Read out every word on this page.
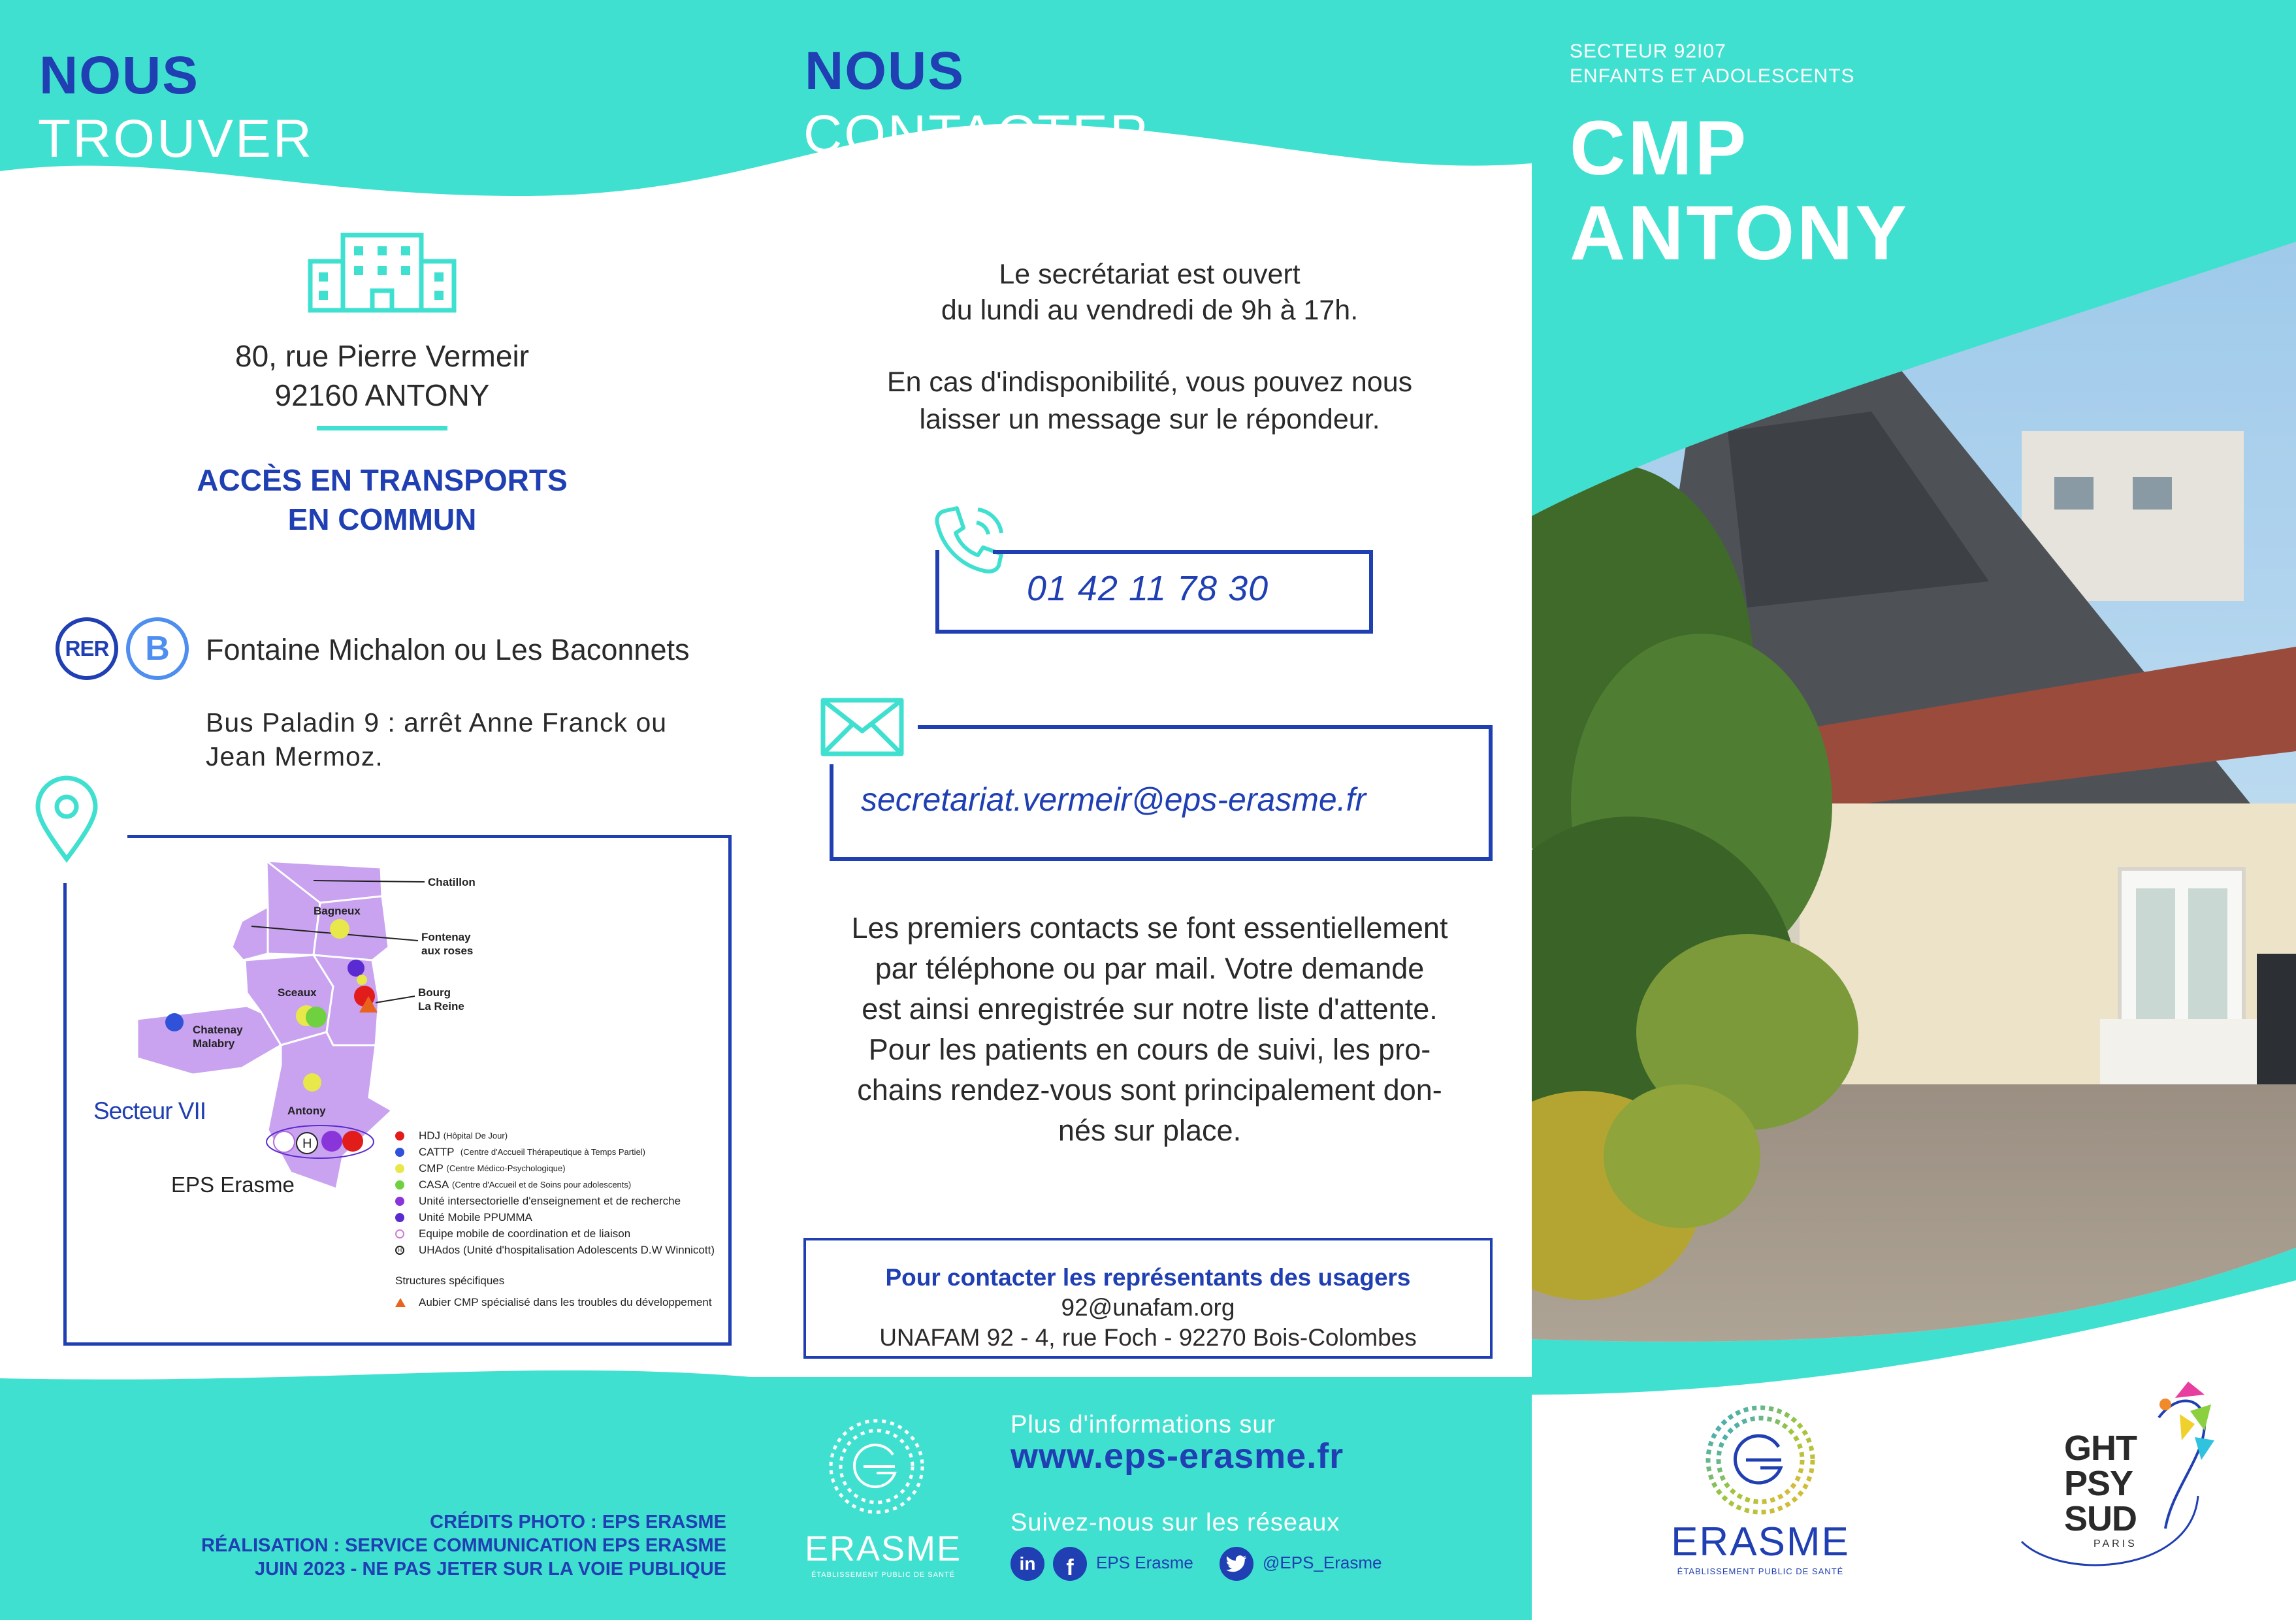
NOUS
TROUVER
80, rue Pierre Vermeir
92160 ANTONY
ACCÈS EN TRANSPORTS
EN COMMUN
RER B Fontaine Michalon ou Les Baconnets
Bus Paladin 9 : arrêt Anne Franck ou
Jean Mermoz.
Chatillon
Bagneux
Fontenay
aux roses
Sceaux	Bourg
La Reine
Chatenay
Malabry
Antony
H
Secteur VII
EPS Erasme
HDJ
(Hôpital De Jour)
CATTP
(Centre d'Accueil Thérapeutique à Temps Partiel)
CMP
(Centre Médico-Psychologique)
CASA
(Centre d'Accueil et de Soins pour adolescents)
Unité intersectorielle d'enseignement et de recherche
Unité Mobile PPUMMA
Equipe mobile de coordination et de liaison
H UHAdos (Unité d'hospitalisation Adolescents D.W Winnicott)
Structures spécifiques
Aubier CMP spécialisé dans les troubles du développement
CRÉDITS PHOTO : EPS ERASME
RÉALISATION : SERVICE COMMUNICATION EPS ERASME
JUIN 2023 - NE PAS JETER SUR LA VOIE PUBLIQUE
NOUS
CONTACTER
Le secrétariat est ouvert
du lundi au vendredi de 9h à 17h.
En cas d'indisponibilité, vous pouvez nous
laisser un message sur le répondeur.
01 42 11 78 30
secretariat.vermeir@eps-erasme.fr
Les premiers contacts se font essentiellement
par téléphone ou par mail. Votre demande
est ainsi enregistrée sur notre liste d'attente.
Pour les patients en cours de suivi, les pro-
chains rendez-vous sont principalement don-
nés sur place.
Pour contacter les représentants des usagers
92@unafam.org
UNAFAM 92 - 4, rue Foch - 92270 Bois-Colombes
ERASME
ÉTABLISSEMENT PUBLIC DE SANTÉ
Plus d'informations sur
www.eps-erasme.fr
Suivez-nous sur les réseaux
in	f	EPS Erasme	@EPS_Erasme
SECTEUR 92I07
ENFANTS ET ADOLESCENTS
CMP
ANTONY
ERASME
ÉTABLISSEMENT PUBLIC DE SANTÉ
GHT
PSY
SUD
PARIS
